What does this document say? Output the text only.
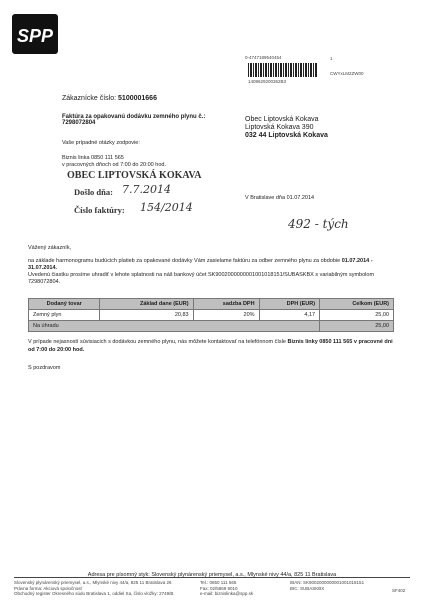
SPP
0-4747189540454	1
CWYxLM2ZW00
1409629200362B3
Zákaznícke číslo: 5100001666
Faktúra za opakovanú dodávku zemného plynu č.:
7298072804
Vaše prípadné otázky zodpovie:
Biznis linka 0850 111 565
v pracovných dňoch od 7:00 do 20:00 hod.
Obec Liptovská Kokava
Liptovská Kokava 390
032 44 Liptovská Kokava
OBEC LIPTOVSKÁ KOKAVA
Došlo dňa: 7.7.2014
Číslo faktúry: 154/2014
V Bratislave dňa 01.07.2014
492 - tých
Vážený zákazník,
na základe harmonogramu budúcich platieb za opakované dodávky Vám zasielame faktúru za odber zemného plynu za obdobie 01.07.2014 - 31.07.2014.
Uvedenú čiastku prosíme uhradiť v lehote splatnosti na náš bankový účet SK9002000000001001018151/SUBASKBX s variabilným symbolom 7298072804.
Dodaný tovar	Základ dane (EUR)	sadzba DPH	DPH (EUR)	Celkom (EUR)
Zemný plyn	20,83	20%	4,17	25,00
Na úhradu				25,00
V prípade nejasností súvisiacich s dodávkou zemného plynu, nás môžete kontaktovať na telefónnom čísle Biznis linky 0850 111 565 v pracovné dni od 7:00 do 20:00 hod.
S pozdravom
Adresa pre písomný styk: Slovenský plynárenský priemysel, a.s., Mlynské nivy 44/a, 825 11 Bratislava
Slovenský plynárenský priemysel, a.s., Mlynské nivy 44/a, 825 11 Bratislava 26
Právna forma: Akciová spoločnosť
Obchodný register Okresného súdu Bratislava 1, oddiel Sa, číslo vložky: 2749/B
Tel.: 0850 111 565
Fax: 02/5869 9010
e-mail: biznislinka@spp.sk
IBAN: SK9002000000001001018151
BIC: SUBASKBX	SF402
